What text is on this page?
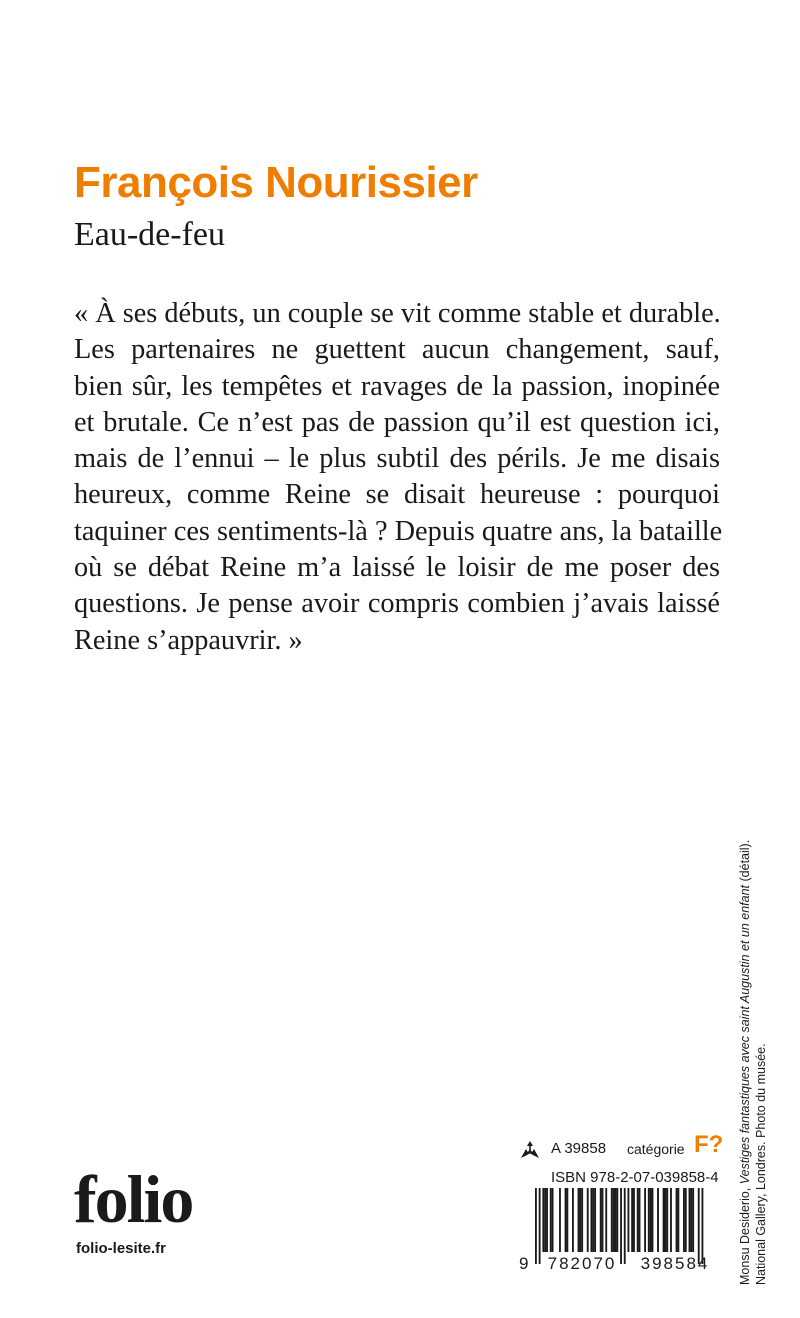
François Nourissier
Eau-de-feu

« À ses débuts, un couple se vit comme stable et durable.
Les partenaires ne guettent aucun changement, sauf,
bien sûr, les tempêtes et ravages de la passion, inopinée
et brutale. Ce n’est pas de passion qu’il est question ici,
mais de l’ennui – le plus subtil des périls. Je me disais
heureux, comme Reine se disait heureuse : pourquoi
taquiner ces sentiments-là ? Depuis quatre ans, la bataille
où se débat Reine m’a laissé le loisir de me poser des
questions. Je pense avoir compris combien j’avais laissé
Reine s’appauvrir. »

Monsu Desiderio, Vestiges fantastiques avec saint Augustin et un enfant (détail).
National Gallery, Londres. Photo du musée.
folio
folio-lesite.fr
A 39858 catégorie F?
ISBN 978-2-07-039858-4
9 782070 398584
